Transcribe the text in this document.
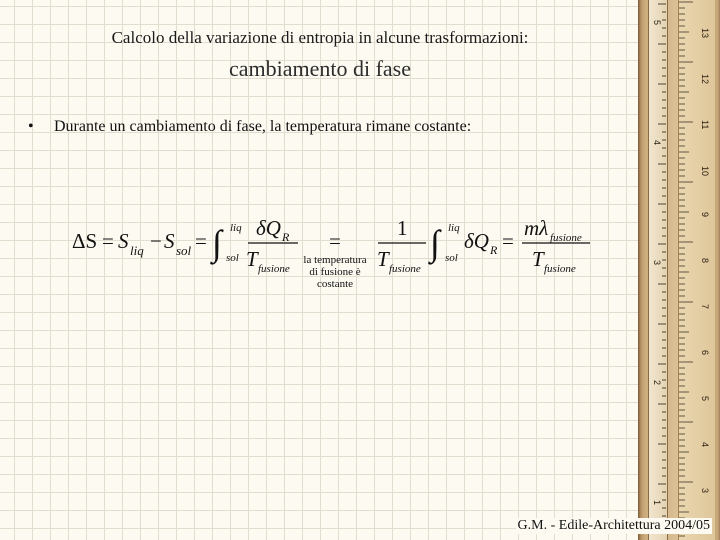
Calcolo della variazione di entropia in alcune trasformazioni:
cambiamento di fase
• Durante un cambiamento di fase, la temperatura rimane costante:
ΔS = S liq − S sol = ∫ liq
sol
δQ R
T fusione
=
la temperatura
di fusione è
costante
1
T fusione
∫ liq
sol
δQ R =
mλ fusione
T fusione
5
4
3
2
1
13
12
11
10
9
8
7
6
5
4
3
G.M. - Edile-Architettura 2004/05
